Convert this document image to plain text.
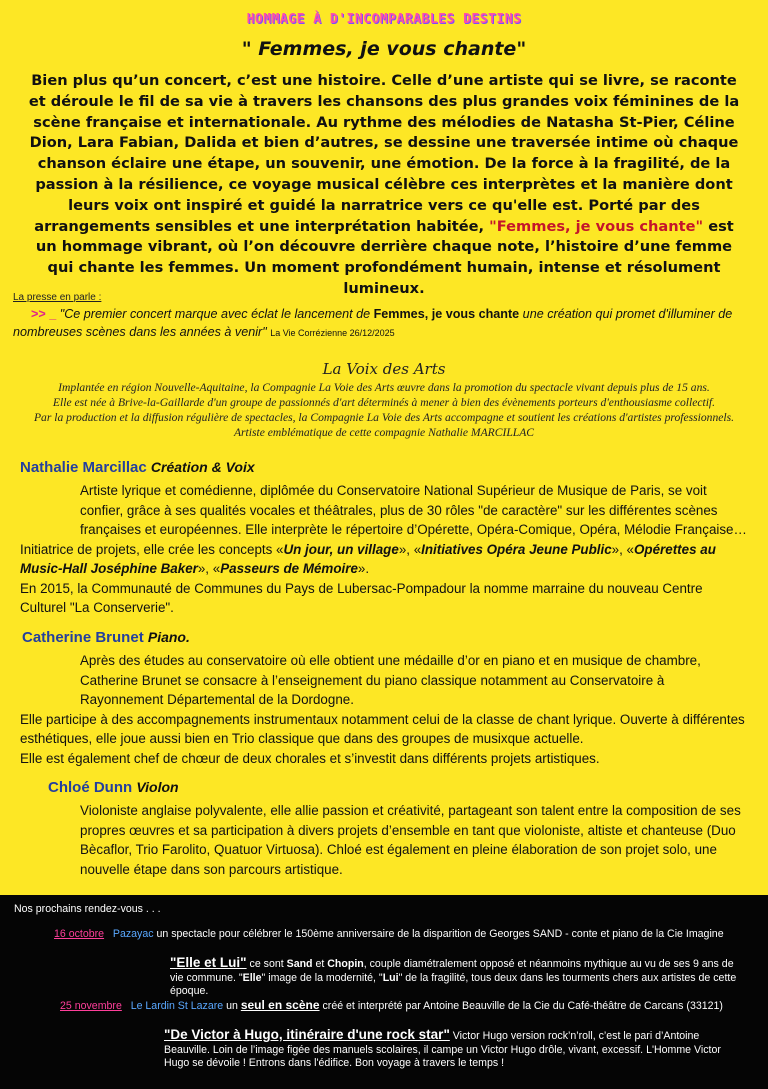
HOMMAGE À D'INCOMPARABLES DESTINS
" Femmes, je vous chante"
Bien plus qu’un concert, c’est une histoire. Celle d’une artiste qui se livre, se raconte et déroule le fil de sa vie à travers les chansons des plus grandes voix féminines de la scène française et internationale. Au rythme des mélodies de Natasha St-Pier, Céline Dion, Lara Fabian, Dalida et bien d’autres, se dessine une traversée intime où chaque chanson éclaire une étape, un souvenir, une émotion. De la force à la fragilité, de la passion à la résilience, ce voyage musical célèbre ces interprètes et la manière dont leurs voix ont inspiré et guidé la narratrice vers ce qu'elle est. Porté par des arrangements sensibles et une interprétation habitée, "Femmes, je vous chante" est un hommage vibrant, où l’on découvre derrière chaque note, l’histoire d’une femme qui chante les femmes. Un moment profondément humain, intense et résolument lumineux.
La presse en parle :
>> _ "Ce premier concert marque avec éclat le lancement de Femmes, je vous chante une création qui promet d'illuminer de nombreuses scènes dans les années à venir" La Vie Corrézienne 26/12/2025
La Voix des Arts
Implantée en région Nouvelle-Aquitaine, la Compagnie La Voie des Arts œuvre dans la promotion du spectacle vivant depuis plus de 15 ans.
Elle est née à Brive-la-Gaillarde d'un groupe de passionnés d'art déterminés à mener à bien des évènements porteurs d'enthousiasme collectif.
Par la production et la diffusion régulière de spectacles, la Compagnie La Voie des Arts accompagne et soutient les créations d'artistes professionnels.
Artiste emblématique de cette compagnie Nathalie MARCILLAC
Nathalie Marcillac Création & Voix

Artiste lyrique et comédienne, diplômée du Conservatoire National Supérieur de Musique de Paris, se voit confier, grâce à ses qualités vocales et théâtrales, plus de 30 rôles "de caractère" sur les différentes scènes françaises et européennes. Elle interprète le répertoire d’Opérette, Opéra-Comique, Opéra, Mélodie Française…

Initiatrice de projets, elle crée les concepts «Un jour, un village», «Initiatives Opéra Jeune Public», «Opérettes au Music-Hall Joséphine Baker», «Passeurs de Mémoire».

En 2015, la Communauté de Communes du Pays de Lubersac-Pompadour la nomme marraine du nouveau Centre Culturel "La Conserverie".

Catherine Brunet Piano.

Après des études au conservatoire où elle obtient une médaille d’or en piano et en musique de chambre, Catherine Brunet se consacre à l’enseignement du piano classique notamment au Conservatoire à Rayonnement Départemental de la Dordogne.

Elle participe à des accompagnements instrumentaux notamment celui de la classe de chant lyrique. Ouverte à différentes esthétiques, elle joue aussi bien en Trio classique que dans des groupes de musixque actuelle.

Elle est également chef de chœur de deux chorales et s’investit dans différents projets artistiques.

Chloé Dunn Violon

Violoniste anglaise polyvalente, elle allie passion et créativité, partageant son talent entre la composition de ses propres œuvres et sa participation à divers projets d’ensemble en tant que violoniste, altiste et chanteuse (Duo Bècaflor, Trio Farolito, Quatuor Virtuosa). Chloé est également en pleine élaboration de son projet solo, une nouvelle étape dans son parcours artistique.

Nos prochains rendez-vous . . .
16 octobre Pazayac un spectacle pour célébrer le 150ème anniversaire de la disparition de Georges SAND - conte et piano de la Cie Imagine
"Elle et Lui" ce sont Sand et Chopin, couple diamétralement opposé et néanmoins mythique au vu de ses 9 ans de vie commune. "Elle" image de la modernité, "Lui" de la fragilité, tous deux dans les tourments chers aux artistes de cette époque.
25 novembre Le Lardin St Lazare un seul en scène créé et interprété par Antoine Beauville de la Cie du Café-théâtre de Carcans (33121)
"De Victor à Hugo, itinéraire d'une rock star" Victor Hugo version rock’n’roll, c’est le pari d’Antoine Beauville. Loin de l’image figée des manuels scolaires, il campe un Victor Hugo drôle, vivant, excessif. L'Homme Victor Hugo se dévoile ! Entrons dans l'édifice. Bon voyage à travers le temps !
